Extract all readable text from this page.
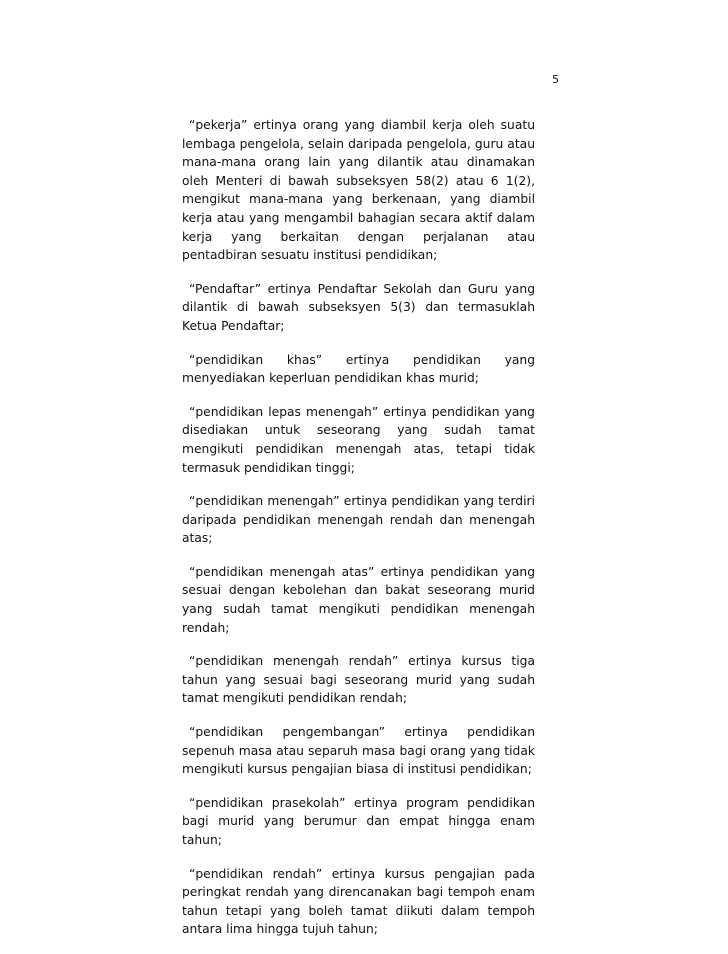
5

“pekerja” ertinya orang yang diambil kerja oleh suatu lembaga pengelola, selain daripada pengelola, guru atau mana-mana orang lain yang dilantik atau dinamakan oleh Menteri di bawah subseksyen 58(2) atau 6 1(2), mengikut mana-mana yang berkenaan, yang diambil kerja atau yang mengambil bahagian secara aktif dalam kerja yang berkaitan dengan perjalanan atau pentadbiran sesuatu institusi pendidikan;

“Pendaftar” ertinya Pendaftar Sekolah dan Guru yang dilantik di bawah subseksyen 5(3) dan termasuklah Ketua Pendaftar;

“pendidikan khas” ertinya pendidikan yang menyediakan keperluan pendidikan khas murid;

“pendidikan lepas menengah” ertinya pendidikan yang disediakan untuk seseorang yang sudah tamat mengikuti pendidikan menengah atas, tetapi tidak termasuk pendidikan tinggi;

“pendidikan menengah” ertinya pendidikan yang terdiri daripada pendidikan menengah rendah dan menengah atas;

“pendidikan menengah atas” ertinya pendidikan yang sesuai dengan kebolehan dan bakat seseorang murid yang sudah tamat mengikuti pendidikan menengah rendah;

“pendidikan menengah rendah” ertinya kursus tiga tahun yang sesuai bagi seseorang murid yang sudah tamat mengikuti pendidikan rendah;

“pendidikan pengembangan” ertinya pendidikan sepenuh masa atau separuh masa bagi orang yang tidak mengikuti kursus pengajian biasa di institusi pendidikan;

“pendidikan prasekolah” ertinya program pendidikan bagi murid yang berumur dan empat hingga enam tahun;

“pendidikan rendah” ertinya kursus pengajian pada peringkat rendah yang direncanakan bagi tempoh enam tahun tetapi yang boleh tamat diikuti dalam tempoh antara lima hingga tujuh tahun;
